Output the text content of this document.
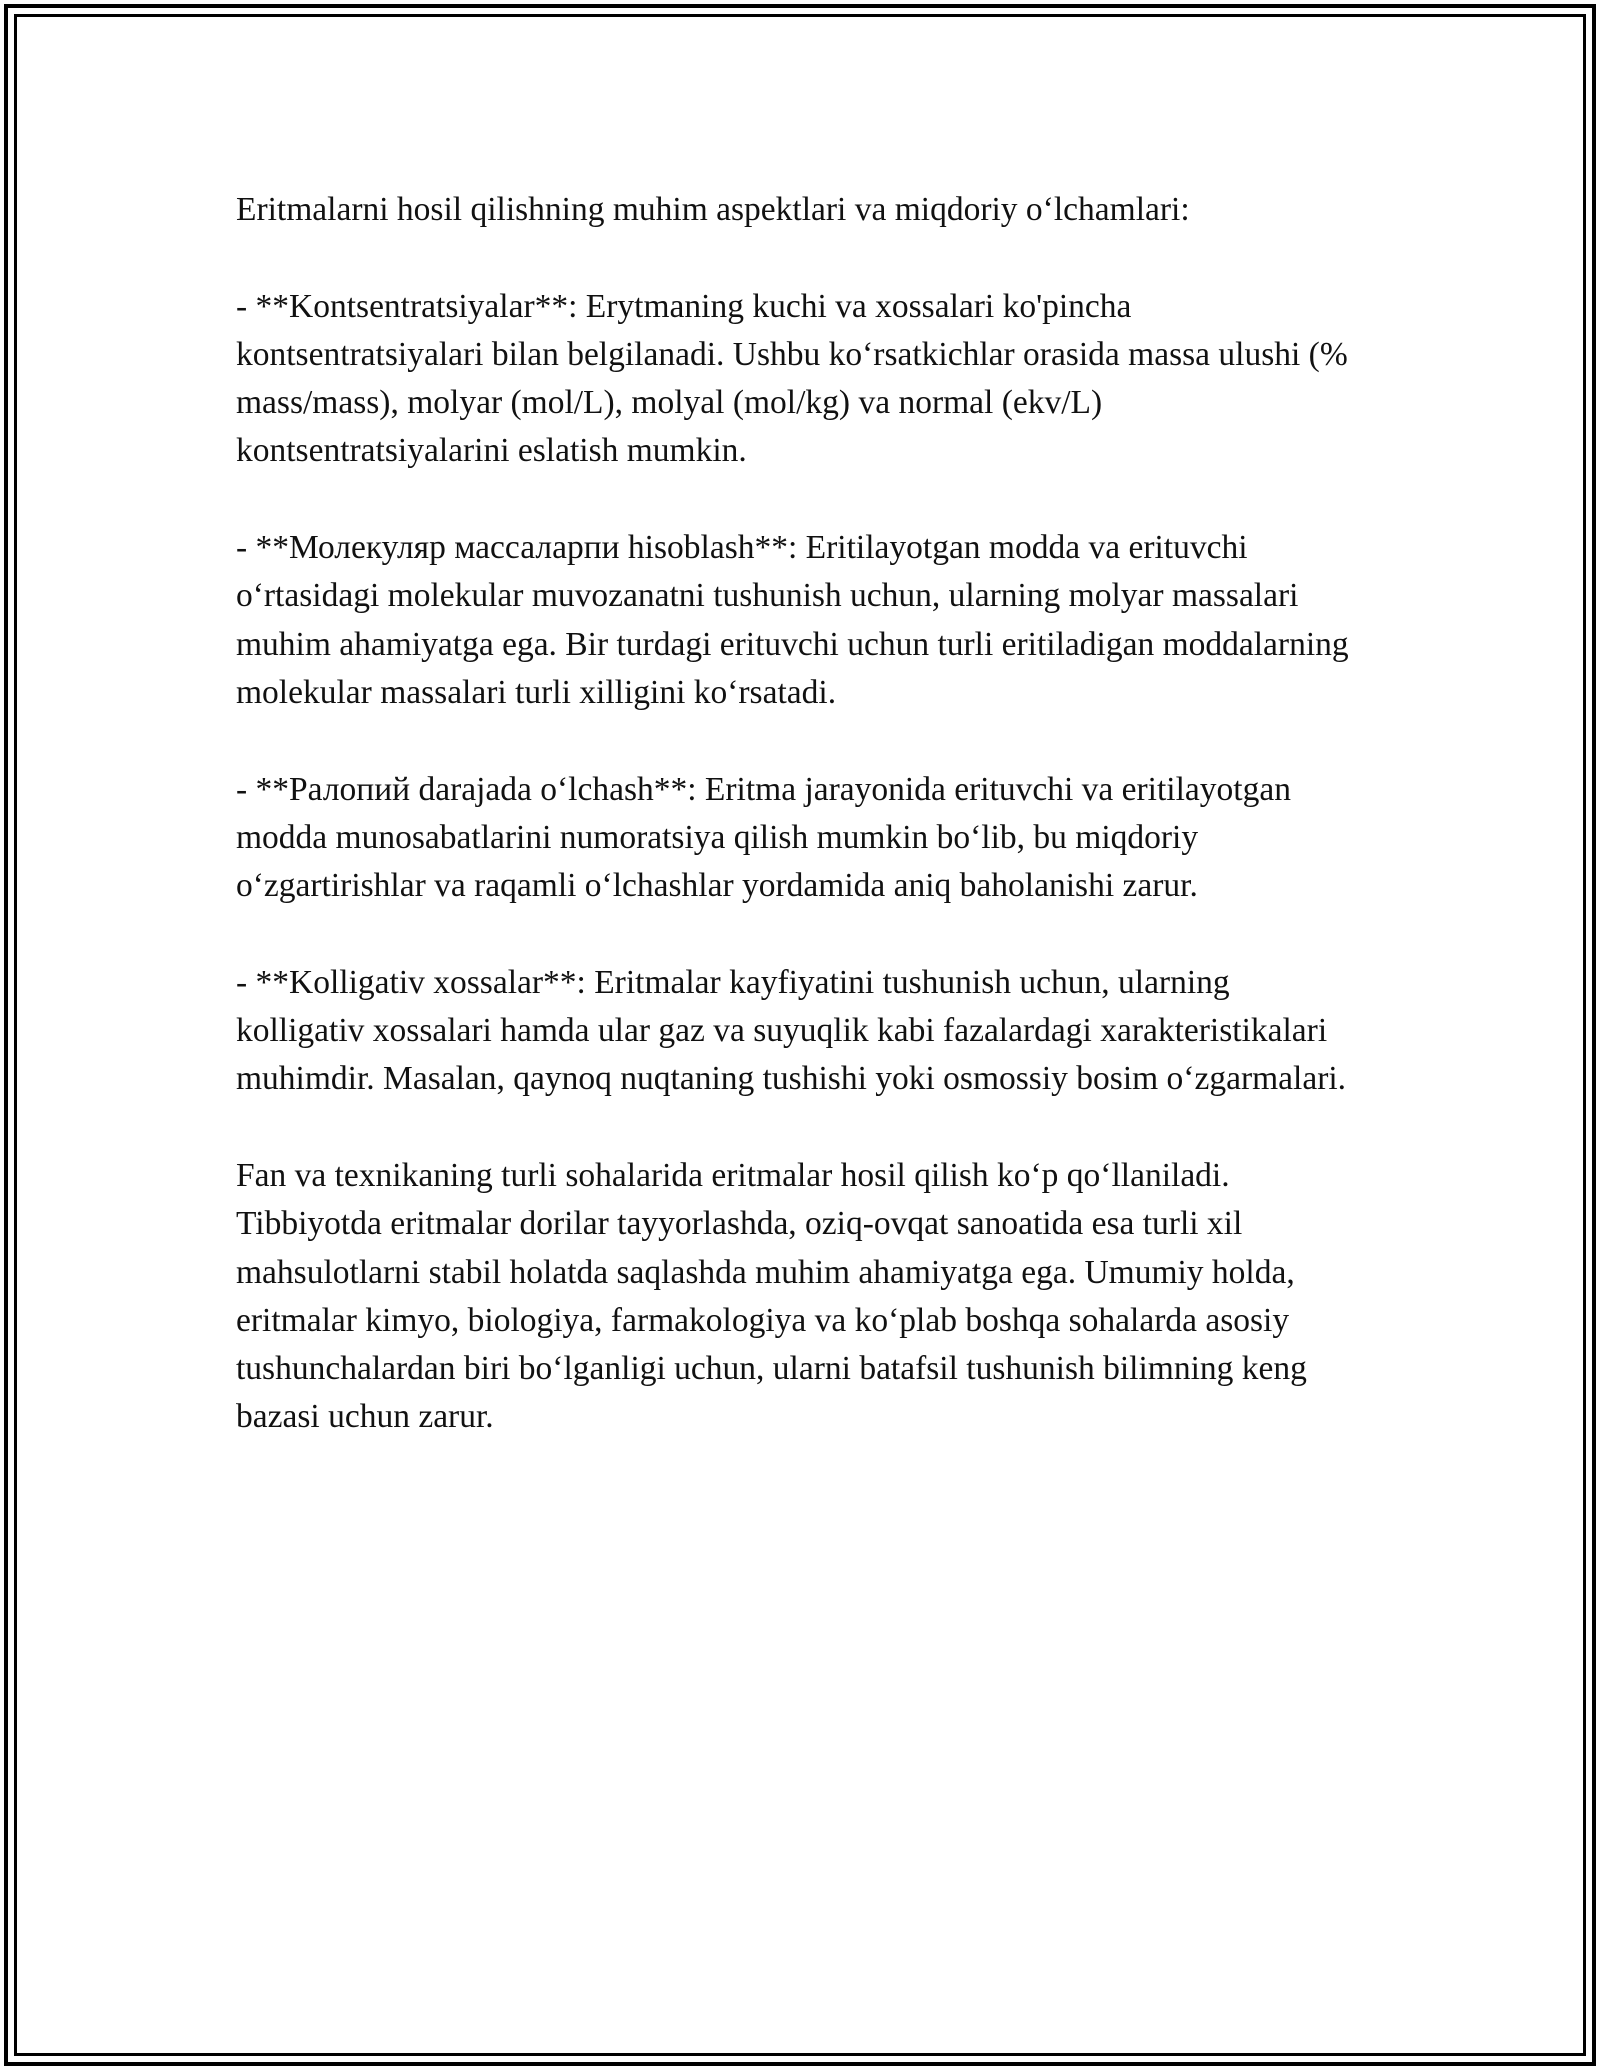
Eritmalarni hosil qilishning muhim aspektlari va miqdoriy o‘lchamlari:

- **Kontsentratsiyalar**: Erytmaning kuchi va xossalari ko'pincha kontsentratsiyalari bilan belgilanadi. Ushbu ko‘rsatkichlar orasida massa ulushi (% mass/mass), molyar (mol/L), molyal (mol/kg) va normal (ekv/L) kontsentratsiyalarini eslatish mumkin.

- **Молекуляр массаларпи hisoblash**: Eritilayotgan modda va erituvchi o‘rtasidagi molekular muvozanatni tushunish uchun, ularning molyar massalari muhim ahamiyatga ega. Bir turdagi erituvchi uchun turli eritiladigan moddalarning molekular massalari turli xilligini ko‘rsatadi.

- **Ралопий darajada o‘lchash**: Eritma jarayonida erituvchi va eritilayotgan modda munosabatlarini numoratsiya qilish mumkin bo‘lib, bu miqdoriy o‘zgartirishlar va raqamli o‘lchashlar yordamida aniq baholanishi zarur.

- **Kolligativ xossalar**: Eritmalar kayfiyatini tushunish uchun, ularning kolligativ xossalari hamda ular gaz va suyuqlik kabi fazalardagi xarakteristikalari muhimdir. Masalan, qaynoq nuqtaning tushishi yoki osmossiy bosim o‘zgarmalari.

Fan va texnikaning turli sohalarida eritmalar hosil qilish ko‘p qo‘llaniladi. Tibbiyotda eritmalar dorilar tayyorlashda, oziq-ovqat sanoatida esa turli xil mahsulotlarni stabil holatda saqlashda muhim ahamiyatga ega. Umumiy holda, eritmalar kimyo, biologiya, farmakologiya va ko‘plab boshqa sohalarda asosiy tushunchalardan biri bo‘lganligi uchun, ularni batafsil tushunish bilimning keng bazasi uchun zarur.
